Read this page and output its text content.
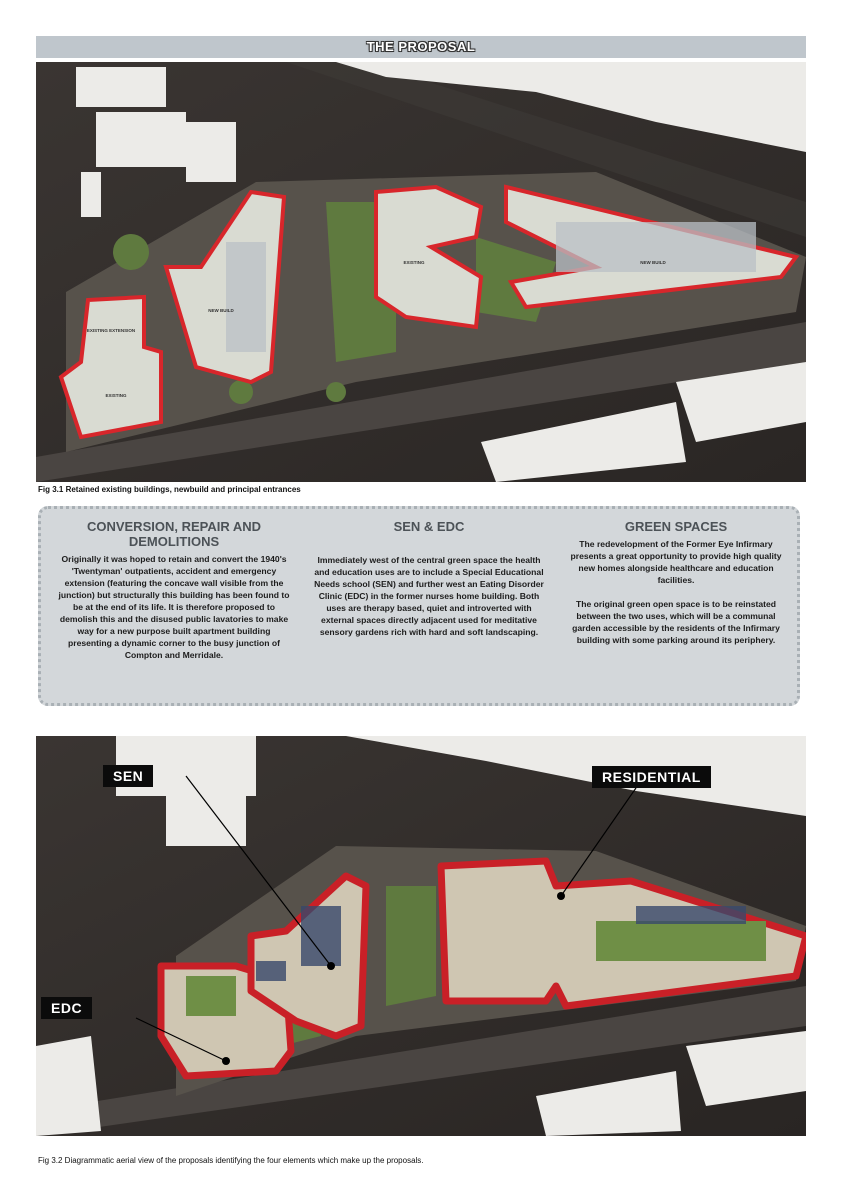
THE PROPOSAL
EXISTING EXTENSION
EXISTING
NEW BUILD
EXISTING	NEW BUILD
Fig 3.1 Retained existing buildings, newbuild and principal entrances
CONVERSION, REPAIR AND DEMOLITIONS

Originally it was hoped to retain and convert the 1940's 'Twentyman' outpatients, accident and emergency extension (featuring the concave wall visible from the junction) but structurally this building has been found to be at the end of its life. It is therefore proposed to demolish this and the disused public lavatories to make way for a new purpose built apartment building presenting a dynamic corner to the busy junction of Compton and Merridale.

SEN & EDC

Immediately west of the central green space the health and education uses are to include a Special Educational Needs school (SEN) and further west an Eating Disorder Clinic (EDC) in the former nurses home building. Both uses are therapy based, quiet and introverted with external spaces directly adjacent used for meditative sensory gardens rich with hard and soft landscaping.

GREEN SPACES

The redevelopment of the Former Eye Infirmary presents a great opportunity to provide high quality new homes alongside healthcare and education facilities.

The original green open space is to be reinstated between the two uses, which will be a communal garden accessible by the residents of the Infirmary building with some parking around its periphery.

SEN	RESIDENTIAL
EDC
Fig 3.2 Diagrammatic aerial view of the proposals identifying the four elements which make up the proposals.
